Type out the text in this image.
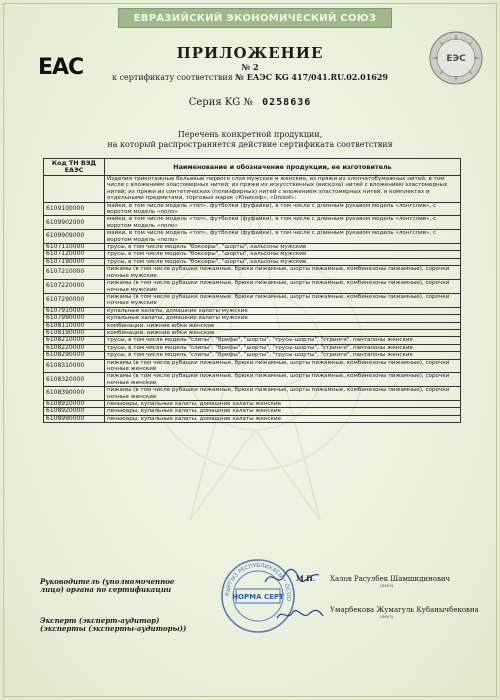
ЕВРАЗИЙСКИЙ ЭКОНОМИЧЕСКИЙ СОЮЗ
ЕАС	ЕЭС
ПРИЛОЖЕНИЕ
№ 2
к сертификату соответствия № ЕАЭС KG 417/041.RU.02.01629
Серия KG № 0258636
Перечень конкретной продукции,
на который распространяется действие сертификата соответствия
Код ТН ВЭД ЕАЭС	Наименование и обозначение продукции, ее изготовитель
	Изделия трикотажные бельевые первого слоя мужские и женские, из пряжи из хлопчатобумажных нитей, в том числе с вложением эластомерных нитей; из пряжи из искусственных (вискоза) нитей с вложением эластомерных нитей; из пряжи из синтетических (полиэфирных) нитей с вложением эластомерных нитей, в комплектах и отдельными предметами, торговых марок «Юнисоф», «Unisof»:
6109100000	майки, в том числе модель «топ», футболки (фуфайки), в том числе с длинным рукавом модель «лонгслив», с воротом модель «поло»
6109902000	майки, в том числе модель «топ», футболки (фуфайки), в том числе с длинным рукавом модель «лонгслив», с воротом модель «поло»
6109909000	майки, в том числе модель «топ», футболки (фуфайки), в том числе с длинным рукавом модель «лонгслив», с воротом модель «поло»
6107110000	трусы, в том числе модель "боксеры", "шорты", кальсоны мужские
6107120000	трусы, в том числе модель "боксеры", "шорты", кальсоны мужские
6107190000	трусы, в том числе модель "боксеры", "шорты", кальсоны мужские
6107210000	пижамы (в том числе рубашки пижамные, брюки пижамные, шорты пижамные, комбинезоны пижамные), сорочки ночные мужские
6107220000	пижамы (в том числе рубашки пижамные, брюки пижамные, шорты пижамные, комбинезоны пижамные), сорочки ночные мужские
6107290000	пижамы (в том числе рубашки пижамные, брюки пижамные, шорты пижамные, комбинезоны пижамные), сорочки ночные мужские
6107910000	купальные халаты, домашние халаты мужские
6107990000	купальные халаты, домашние халаты мужские
6108110000	комбинации, нижние юбки женские
6108190000	комбинации, нижние юбки женские
6108210000	трусы, в том числе модель "слипы", "брифы", "шорты", "трусы-шорты", "стринги", панталоны женские
6108220000	трусы, в том числе модель "слипы", "брифы", "шорты", "трусы-шорты", "стринги", панталоны женские
6108290000	трусы, в том числе модель "слипы", "брифы", "шорты", "трусы-шорты", "стринги", панталоны женские
6108310000	пижамы (в том числе рубашки пижамные, брюки пижамные, шорты пижамные, комбинезоны пижамные), сорочки ночные женские
6108320000	пижамы (в том числе рубашки пижамные, брюки пижамные, шорты пижамные, комбинезоны пижамные), сорочки ночные женские
6108390000	пижамы (в том числе рубашки пижамные, брюки пижамные, шорты пижамные, комбинезоны пижамные), сорочки ночные женские
6108910000	пеньюары, купальные халаты, домашние халаты женские
6108920000	пеньюары, купальные халаты, домашние халаты женские
6108990000	пеньюары, купальные халаты, домашние халаты женские
Руководитель (уполномоченное
лицо) органа по сертификации
Халов Расулбек Шамшидинович
(ФИО)
М.П.
Эксперт (эксперт-аудитор)
(эксперты (эксперты-аудиторы))
Умарбекова Жумагуль Кубанычбековна
(ФИО)
КЫРГЫЗ РЕСПУБЛИКАСЫ • ОСОО
НОРМА СЕРТ
